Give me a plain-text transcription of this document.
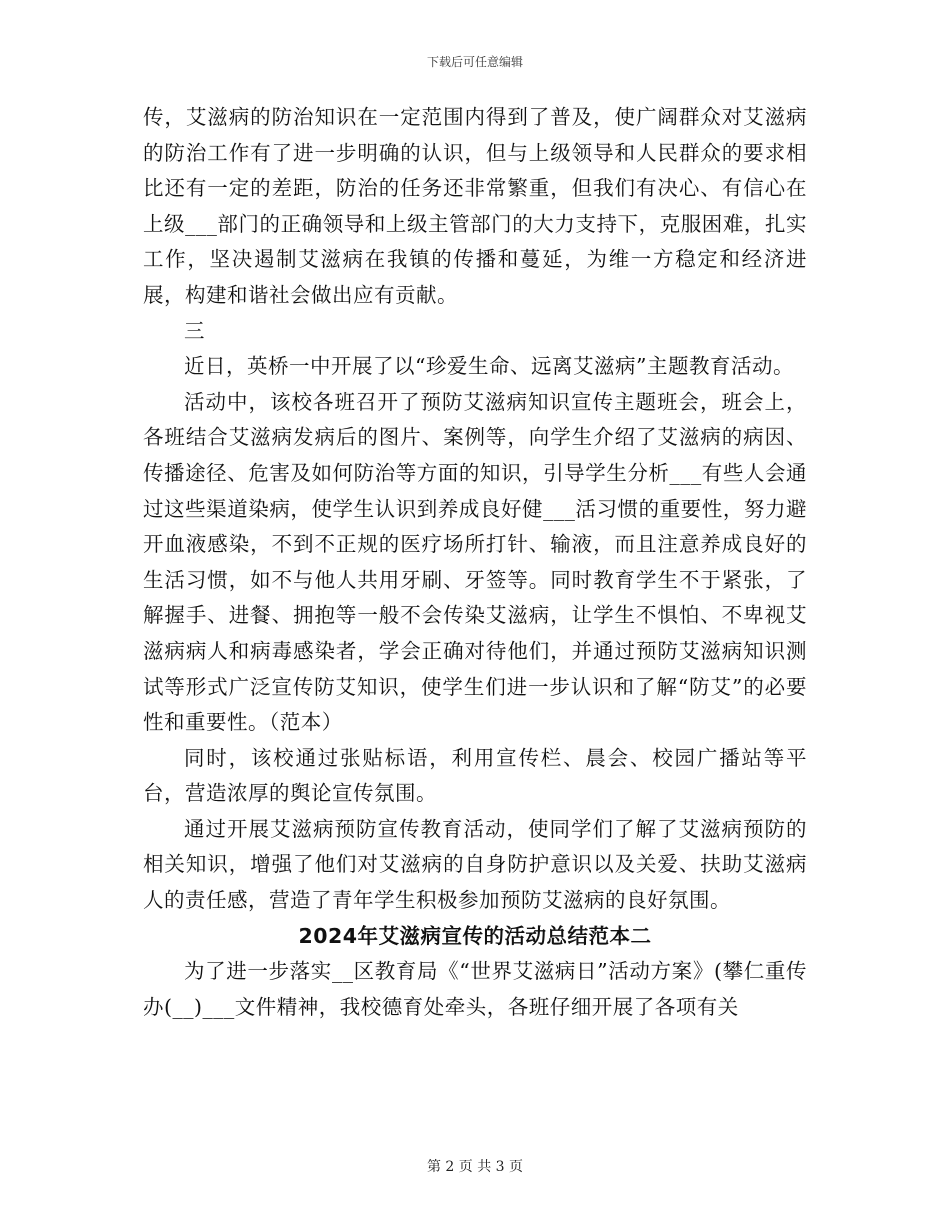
下载后可任意编辑

传，艾滋病的防治知识在一定范围内得到了普及，使广阔群众对艾滋病的防治工作有了进一步明确的认识，但与上级领导和人民群众的要求相比还有一定的差距，防治的任务还非常繁重，但我们有决心、有信心在上级___部门的正确领导和上级主管部门的大力支持下，克服困难，扎实工作，坚决遏制艾滋病在我镇的传播和蔓延，为维一方稳定和经济进展，构建和谐社会做出应有贡献。

三

近日，英桥一中开展了以“珍爱生命、远离艾滋病”主题教育活动。

活动中，该校各班召开了预防艾滋病知识宣传主题班会，班会上，各班结合艾滋病发病后的图片、案例等，向学生介绍了艾滋病的病因、传播途径、危害及如何防治等方面的知识，引导学生分析___有些人会通过这些渠道染病，使学生认识到养成良好健___活习惯的重要性，努力避开血液感染，不到不正规的医疗场所打针、输液，而且注意养成良好的生活习惯，如不与他人共用牙刷、牙签等。同时教育学生不于紧张，了解握手、进餐、拥抱等一般不会传染艾滋病，让学生不惧怕、不卑视艾滋病病人和病毒感染者，学会正确对待他们，并通过预防艾滋病知识测试等形式广泛宣传防艾知识，使学生们进一步认识和了解“防艾”的必要性和重要性。（范本）

同时，该校通过张贴标语，利用宣传栏、晨会、校园广播站等平台，营造浓厚的舆论宣传氛围。

通过开展艾滋病预防宣传教育活动，使同学们了解了艾滋病预防的相关知识，增强了他们对艾滋病的自身防护意识以及关爱、扶助艾滋病人的责任感，营造了青年学生积极参加预防艾滋病的良好氛围。

2024年艾滋病宣传的活动总结范本二

为了进一步落实__区教育局《“世界艾滋病日”活动方案》(攀仁重传办(__)___文件精神，我校德育处牵头，各班仔细开展了各项有关

第 2 页 共 3 页
